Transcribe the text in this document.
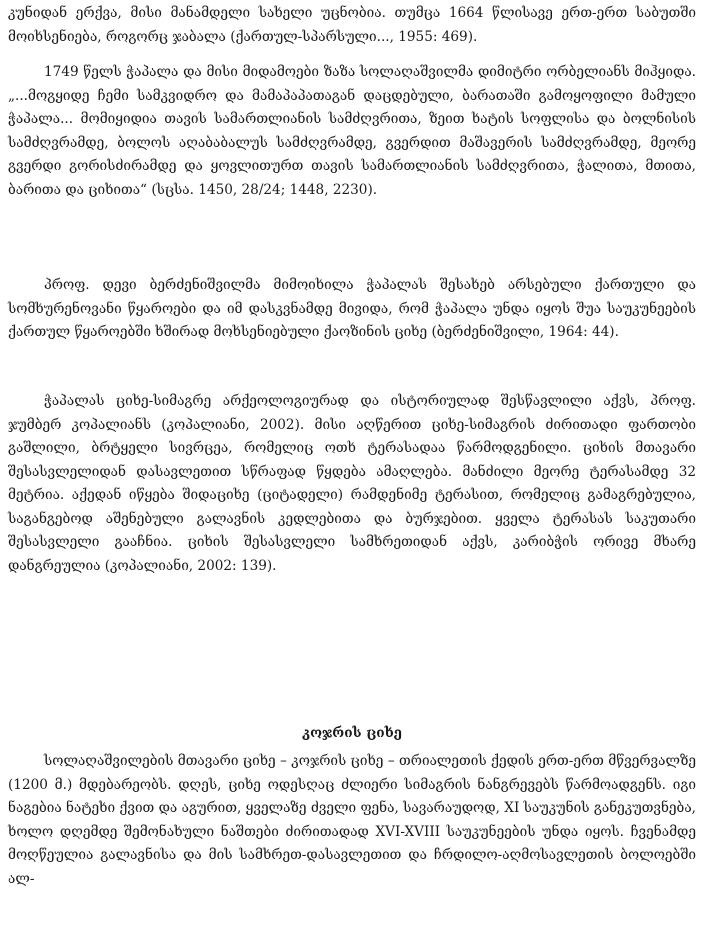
კუნიდან ერქვა, მისი მანამდელი სახელი უცნობია. თუმცა 1664 წლისავე ერთ-ერთ საბუთში მოიხსენიება, როგორც ჯაბალა (ქართულ-სპარსული..., 1955: 469).

1749 წელს ჭაპალა და მისი მიდამოები ზაზა სოლაღაშვილმა დიმიტრი ორბელიანს მიჰყიდა. „...მოგყიდე ჩემი სამკვიდრო და მამაპაპათაგან დაცდებული, ბარათაში გამოყოფილი მამული ჭაპალა... მომიყიდია თავის სამართლიანის სამძღვრითა, ზეით ხატის სოფლისა და ბოლნისის სამძღვრამდე, ბოლოს აღაბაბალუს სამძღვრამდე, გვერდით მაშავერის სამძღვრამდე, მეორე გვერდი გორისძირამდე და ყოვლითურთ თავის სამართლიანის სამძღვრითა, ჭალითა, მთითა, ბარითა და ციხითა“ (სცსა. 1450, 28/24; 1448, 2230).

პროფ. დევი ბერძენიშვილმა მიმოიხილა ჭაპალას შესახებ არსებული ქართული და სომხურენოვანი წყაროები და იმ დასკვნამდე მივიდა, რომ ჭაპალა უნდა იყოს შუა საუკუნეების ქართულ წყაროებში ხშირად მოხსენიებული ქაოზინის ციხე (ბერძენიშვილი, 1964: 44).

ჭაპალას ციხე-სიმაგრე არქეოლოგიურად და ისტორიულად შესწავლილი აქვს, პროფ. ჯუმბერ კოპალიანს (კოპალიანი, 2002). მისი აღწერით ციხე-სიმაგრის ძირითადი ფართობი გაშლილი, ბრტყელი სივრცეა, რომელიც ოთხ ტერასადაა წარმოდგენილი. ციხის მთავარი შესასვლელიდან დასავლეთით სწრაფად წყდება ამაღლება. მანძილი მეორე ტერასამდე 32 მეტრია. აქედან იწყება შიდაციხე (ციტადელი) რამდენიმე ტერასით, რომელიც გამაგრებულია, საგანგებოდ აშენებული გალავნის კედლებითა და ბურჯებით. ყველა ტერასას საკუთარი შესასვლელი გააჩნია. ციხის შესასვლელი სამხრეთიდან აქვს, კარიბჭის ორივე მხარე დანგრეულია (კოპალიანი, 2002: 139).

კოჯრის ციხე

სოლაღაშვილების მთავარი ციხე – კოჯრის ციხე – თრიალეთის ქედის ერთ-ერთ მწვერვალზე (1200 მ.) მდებარეობს. დღეს, ციხე ოდესღაც ძლიერი სიმაგრის ნანგრევებს წარმოადგენს. იგი ნაგებია ნატეხი ქვით და აგურით, ყველაზე ძველი ფენა, სავარაუდოდ, XI საუკუნის განეკუთვნება, ხოლო დღემდე შემონახული ნაშთები ძირითადად XVI-XVIII საუკუნეების უნდა იყოს. ჩვენამდე მოღწეულია გალავნისა და მის სამხრეთ-დასავლეთით და ჩრდილო-აღმოსავლეთის ბოლოებში ალ-
